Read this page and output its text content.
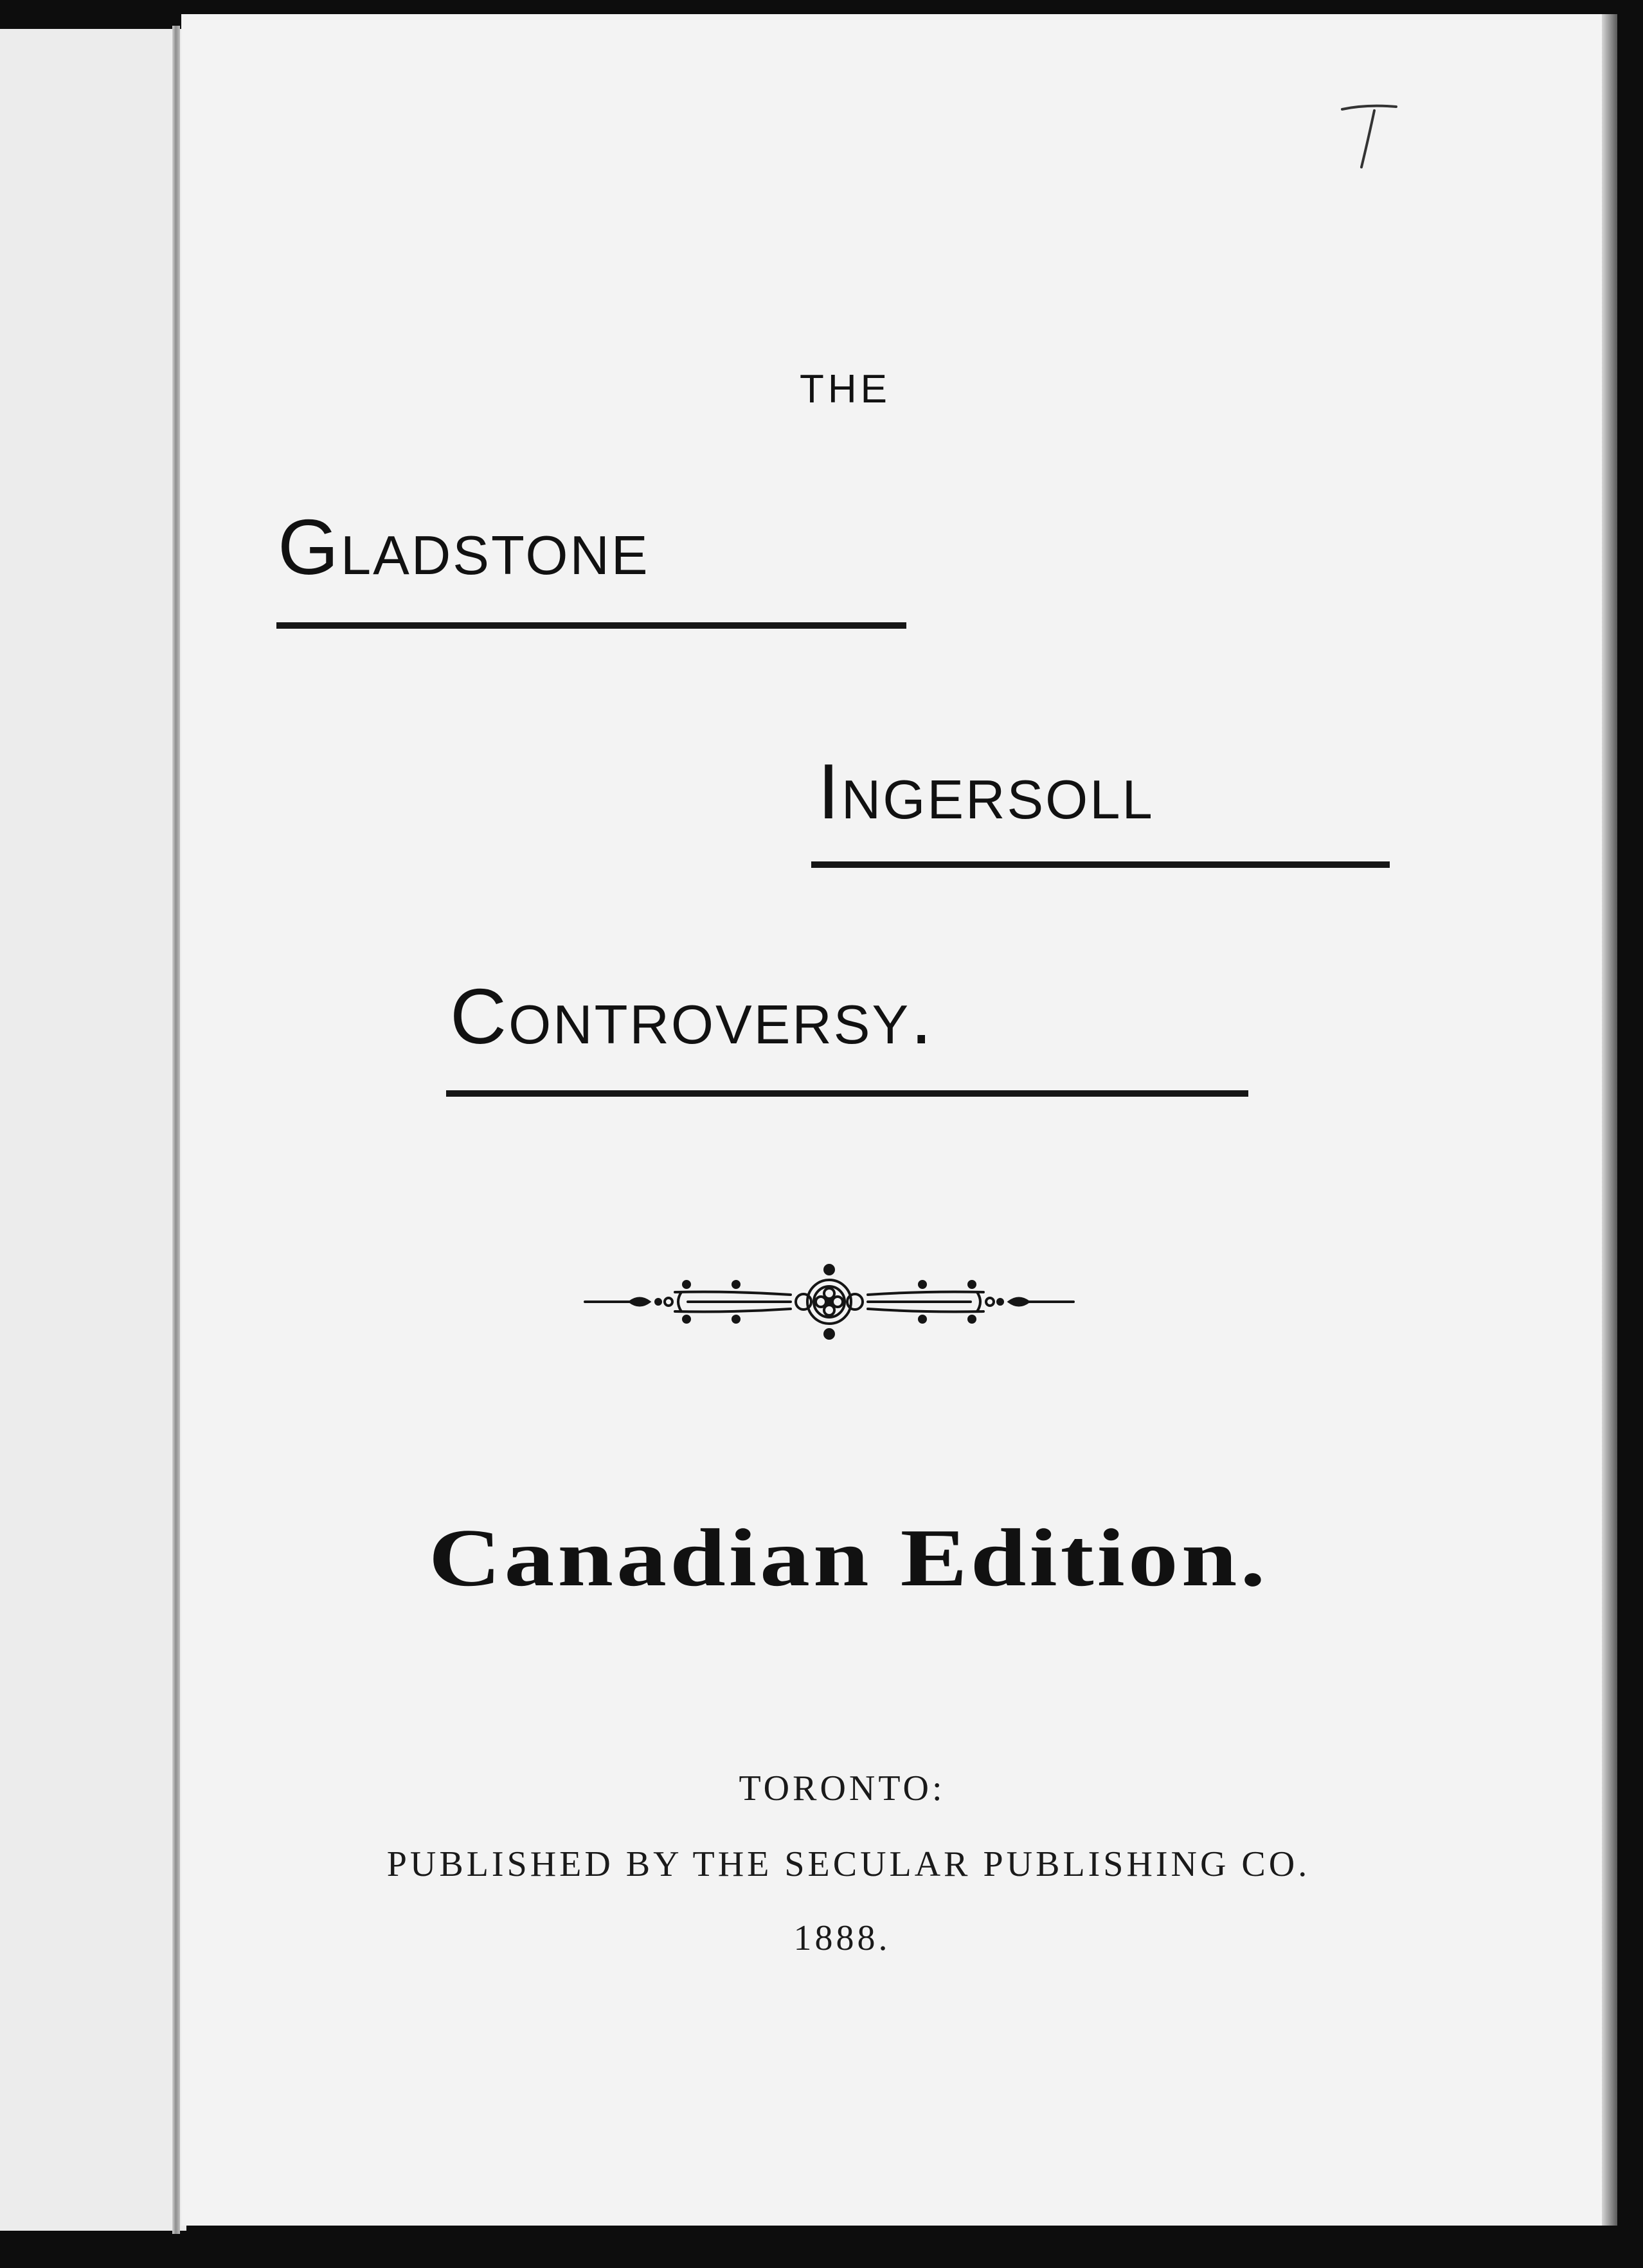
THE
Gladstone
Ingersoll
Controversy.
Canadian Edition.
TORONTO:
PUBLISHED BY THE SECULAR PUBLISHING CO.
1888.
